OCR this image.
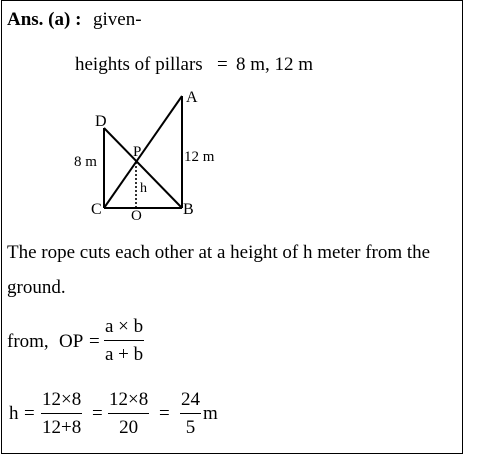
Ans. (a) : given-
heights of pillars = 8 m, 12 m
D
A
P
C	B
O
8 m	12 m
h
The rope cuts each other at a height of h meter from the
ground.
from, OP =
a × b
a + b
h =
12×8
12+8
=
12×8
20
=
24
5
m
